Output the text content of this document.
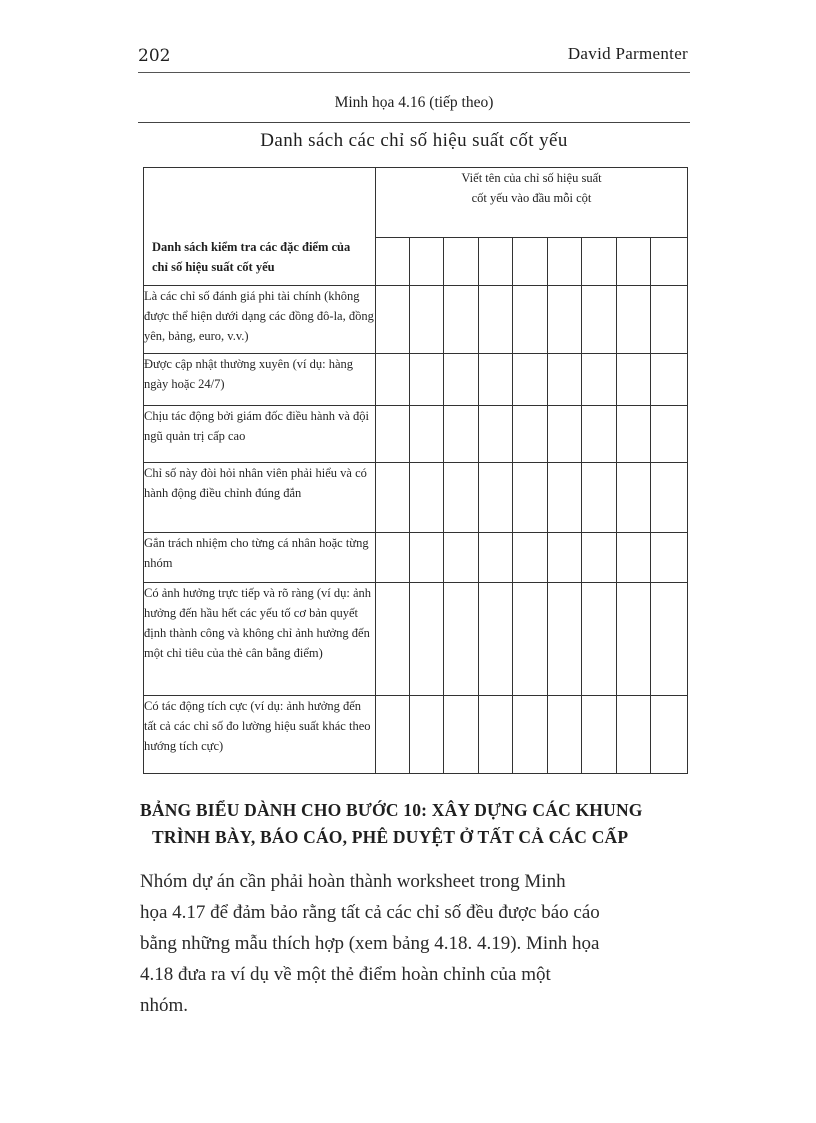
202	David Parmenter
Minh họa 4.16 (tiếp theo)
Danh sách các chỉ số hiệu suất cốt yếu
Danh sách kiểm tra các đặc điểm của chỉ số hiệu suất cốt yếu	Viết tên của chỉ số hiệu suất
cốt yếu vào đầu mỗi cột								

Là các chỉ số đánh giá phi tài chính (không được thể hiện dưới dạng các đồng đô-la, đồng yên, bảng, euro, v.v.)									
Được cập nhật thường xuyên (ví dụ: hàng ngày hoặc 24/7)									
Chịu tác động bởi giám đốc điều hành và đội ngũ quản trị cấp cao									
Chỉ số này đòi hỏi nhân viên phải hiểu và có hành động điều chỉnh đúng đắn									
Gắn trách nhiệm cho từng cá nhân hoặc từng nhóm									
Có ảnh hưởng trực tiếp và rõ ràng (ví dụ: ảnh hưởng đến hầu hết các yếu tố cơ bản quyết định thành công và không chỉ ảnh hưởng đến một chỉ tiêu của thẻ cân bằng điểm)									
Có tác động tích cực (ví dụ: ảnh hưởng đến tất cả các chỉ số đo lường hiệu suất khác theo hướng tích cực)									
BẢNG BIỂU DÀNH CHO BƯỚC 10: XÂY DỰNG CÁC KHUNG
TRÌNH BÀY, BÁO CÁO, PHÊ DUYỆT Ở TẤT CẢ CÁC CẤP
Nhóm dự án cần phải hoàn thành worksheet trong Minh
họa 4.17 để đảm bảo rằng tất cả các chỉ số đều được báo cáo
bằng những mẫu thích hợp (xem bảng 4.18. 4.19). Minh họa
4.18 đưa ra ví dụ về một thẻ điểm hoàn chỉnh của một
nhóm.
